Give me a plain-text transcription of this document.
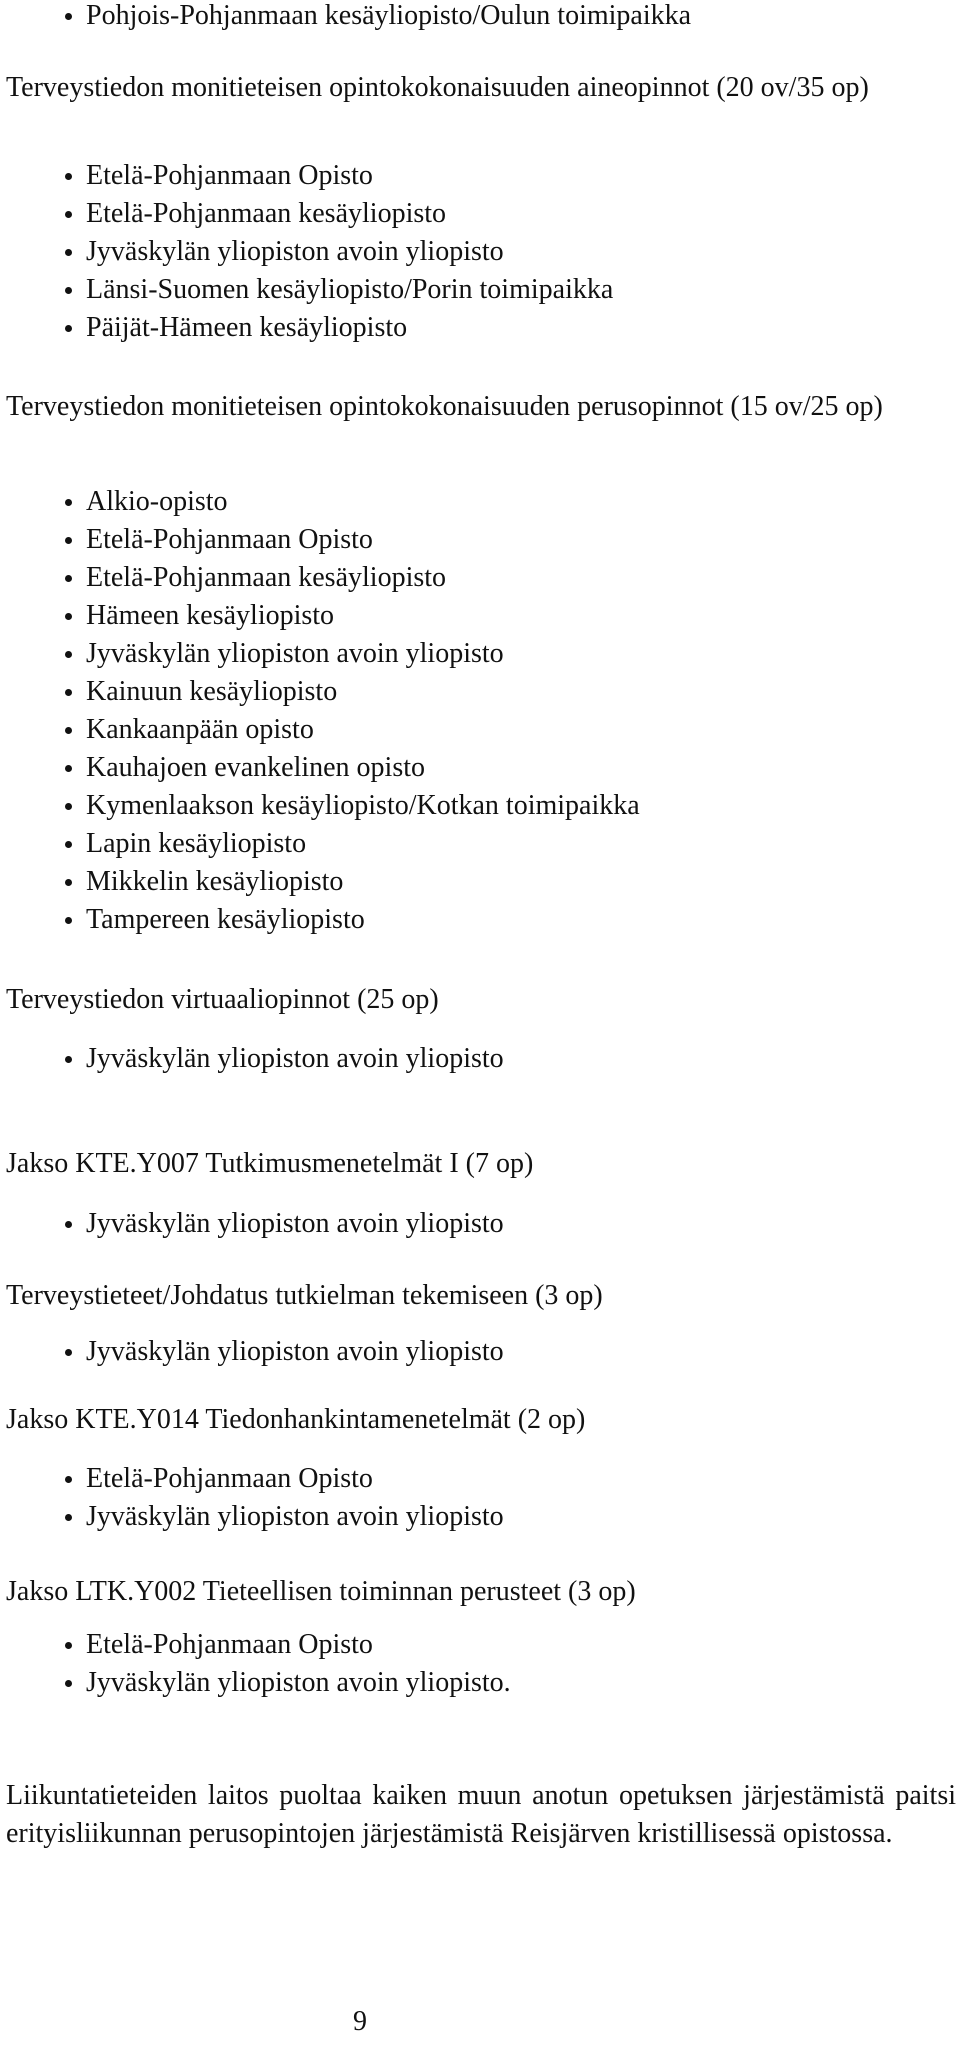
Pohjois-Pohjanmaan kesäyliopisto/Oulun toimipaikka

Terveystiedon monitieteisen opintokokonaisuuden aineopinnot (20 ov/35 op)

Etelä-Pohjanmaan Opisto
Etelä-Pohjanmaan kesäyliopisto
Jyväskylän yliopiston avoin yliopisto
Länsi-Suomen kesäyliopisto/Porin toimipaikka
Päijät-Hämeen kesäyliopisto

Terveystiedon monitieteisen opintokokonaisuuden perusopinnot (15 ov/25 op)

Alkio-opisto
Etelä-Pohjanmaan Opisto
Etelä-Pohjanmaan kesäyliopisto
Hämeen kesäyliopisto
Jyväskylän yliopiston avoin yliopisto
Kainuun kesäyliopisto
Kankaanpään opisto
Kauhajoen evankelinen opisto
Kymenlaakson kesäyliopisto/Kotkan toimipaikka
Lapin kesäyliopisto
Mikkelin kesäyliopisto
Tampereen kesäyliopisto

Terveystiedon virtuaaliopinnot (25 op)

Jyväskylän yliopiston avoin yliopisto

Jakso KTE.Y007 Tutkimusmenetelmät I (7 op)

Jyväskylän yliopiston avoin yliopisto

Terveystieteet/Johdatus tutkielman tekemiseen (3 op)

Jyväskylän yliopiston avoin yliopisto

Jakso KTE.Y014 Tiedonhankintamenetelmät (2 op)

Etelä-Pohjanmaan Opisto
Jyväskylän yliopiston avoin yliopisto

Jakso LTK.Y002 Tieteellisen toiminnan perusteet (3 op)

Etelä-Pohjanmaan Opisto
Jyväskylän yliopiston avoin yliopisto.

Liikuntatieteiden laitos puoltaa kaiken muun anotun opetuksen järjestämistä paitsi erityisliikunnan perusopintojen järjestämistä Reisjärven kristillisessä opistossa.

9
